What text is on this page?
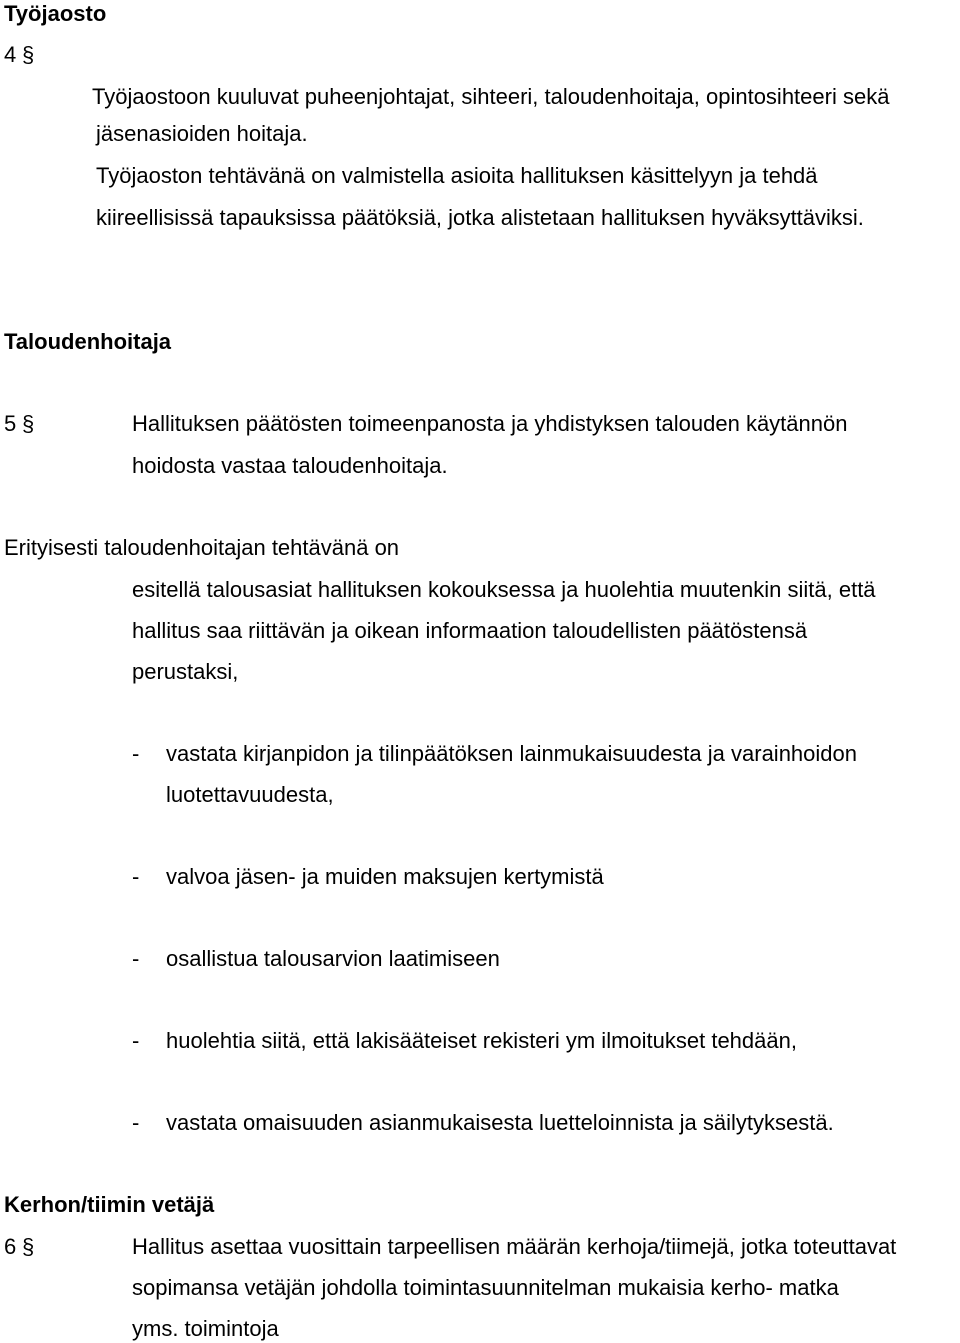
Työjaosto
4 §
Työjaostoon kuuluvat puheenjohtajat, sihteeri, taloudenhoitaja, opintosihteeri sekä
jäsenasioiden hoitaja.
Työjaoston tehtävänä on valmistella asioita hallituksen käsittelyyn ja tehdä
kiireellisissä tapauksissa päätöksiä, jotka alistetaan hallituksen hyväksyttäviksi.
Taloudenhoitaja
5 §	Hallituksen päätösten toimeenpanosta ja yhdistyksen talouden käytännön
hoidosta vastaa taloudenhoitaja.
Erityisesti taloudenhoitajan tehtävänä on
esitellä talousasiat hallituksen kokouksessa ja huolehtia muutenkin siitä, että
hallitus saa riittävän ja oikean informaation taloudellisten päätöstensä
perustaksi,
- vastata kirjanpidon ja tilinpäätöksen lainmukaisuudesta ja varainhoidon
luotettavuudesta,
- valvoa jäsen- ja muiden maksujen kertymistä
- osallistua talousarvion laatimiseen
- huolehtia siitä, että lakisääteiset rekisteri ym ilmoitukset tehdään,
- vastata omaisuuden asianmukaisesta luetteloinnista ja säilytyksestä.
Kerhon/tiimin vetäjä
6 §	Hallitus asettaa vuosittain tarpeellisen määrän kerhoja/tiimejä, jotka toteuttavat
sopimansa vetäjän johdolla toimintasuunnitelman mukaisia kerho- matka
yms. toimintoja
